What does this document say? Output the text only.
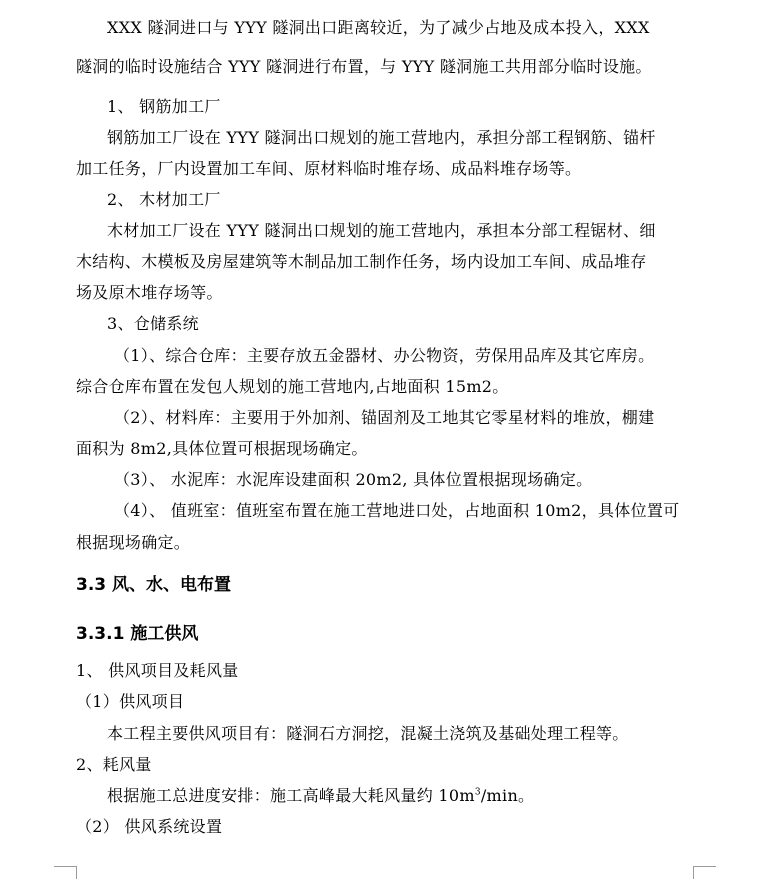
XXX 隧洞进口与 YYY 隧洞出口距离较近，为了减少占地及成本投入，XXX
隧洞的临时设施结合 YYY 隧洞进行布置，与 YYY 隧洞施工共用部分临时设施。
1、 钢筋加工厂
钢筋加工厂设在 YYY 隧洞出口规划的施工营地内，承担分部工程钢筋、锚杆
加工任务，厂内设置加工车间、原材料临时堆存场、成品料堆存场等。
2、 木材加工厂
木材加工厂设在 YYY 隧洞出口规划的施工营地内，承担本分部工程锯材、细
木结构、木模板及房屋建筑等木制品加工制作任务，场内设加工车间、成品堆存
场及原木堆存场等。
3、仓储系统
（1）、综合仓库：主要存放五金器材、办公物资，劳保用品库及其它库房。
综合仓库布置在发包人规划的施工营地内,占地面积 15m2。
（2）、材料库：主要用于外加剂、锚固剂及工地其它零星材料的堆放，棚建
面积为 8m2,具体位置可根据现场确定。
（3）、 水泥库：水泥库设建面积 20m2, 具体位置根据现场确定。
（4）、 值班室：值班室布置在施工营地进口处，占地面积 10m2，具体位置可
根据现场确定。
3.3 风、水、电布置
3.3.1 施工供风
1、 供风项目及耗风量
（1）供风项目
本工程主要供风项目有：隧洞石方洞挖，混凝土浇筑及基础处理工程等。
2、耗风量
根据施工总进度安排：施工高峰最大耗风量约 $10m^3/\min$。
（2） 供风系统设置
